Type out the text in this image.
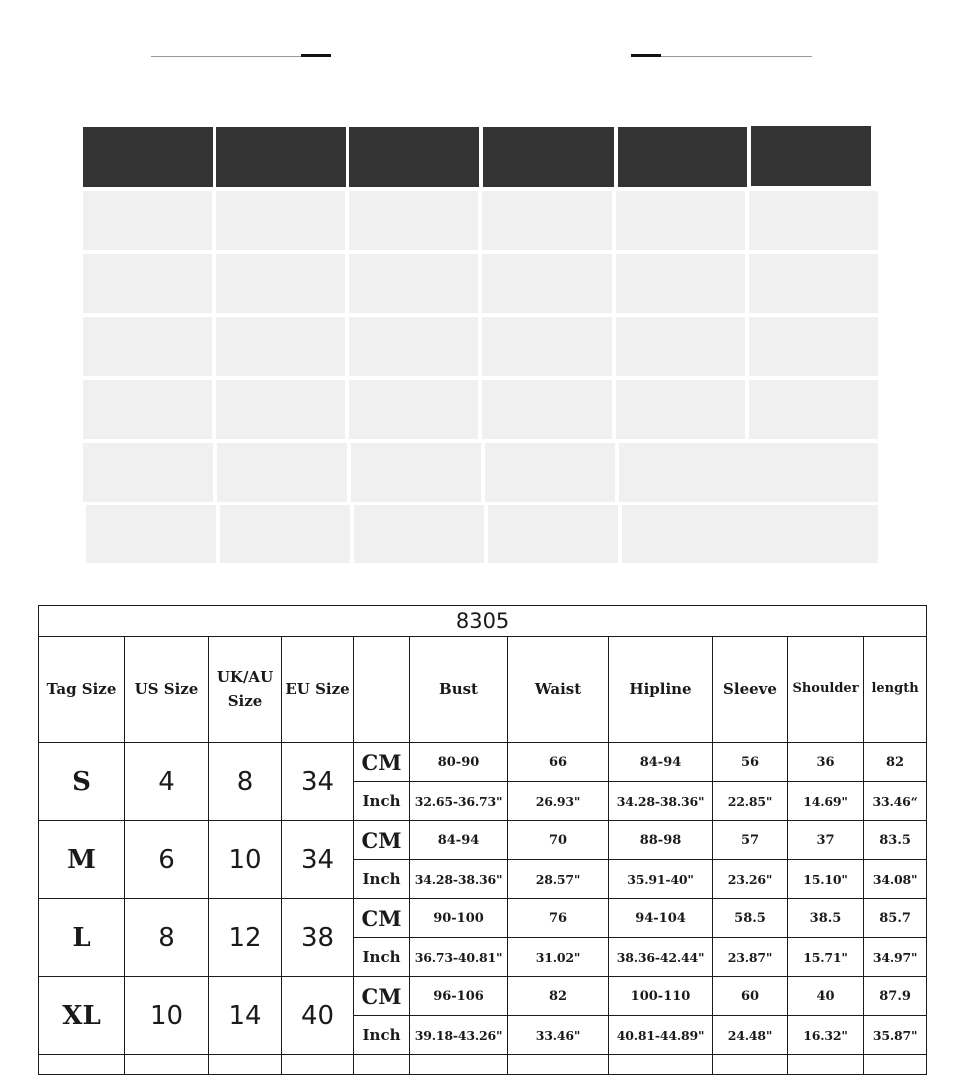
8305										
Tag Size	US Size	UK/AU Size	EU Size		Bust	Waist	Hipline	Sleeve	Shoulder	length
S	4	8	34	CM	80-90	66	84-94	56	36	82
				Inch	32.65-36.73"	26.93"	34.28-38.36"	22.85"	14.69"	33.46“
M	6	10	34	CM	84-94	70	88-98	57	37	83.5
				Inch	34.28-38.36"	28.57"	35.91-40"	23.26"	15.10"	34.08"
L	8	12	38	CM	90-100	76	94-104	58.5	38.5	85.7
				Inch	36.73-40.81"	31.02"	38.36-42.44"	23.87"	15.71"	34.97"
XL	10	14	40	CM	96-106	82	100-110	60	40	87.9
				Inch	39.18-43.26"	33.46"	40.81-44.89"	24.48"	16.32"	35.87"
